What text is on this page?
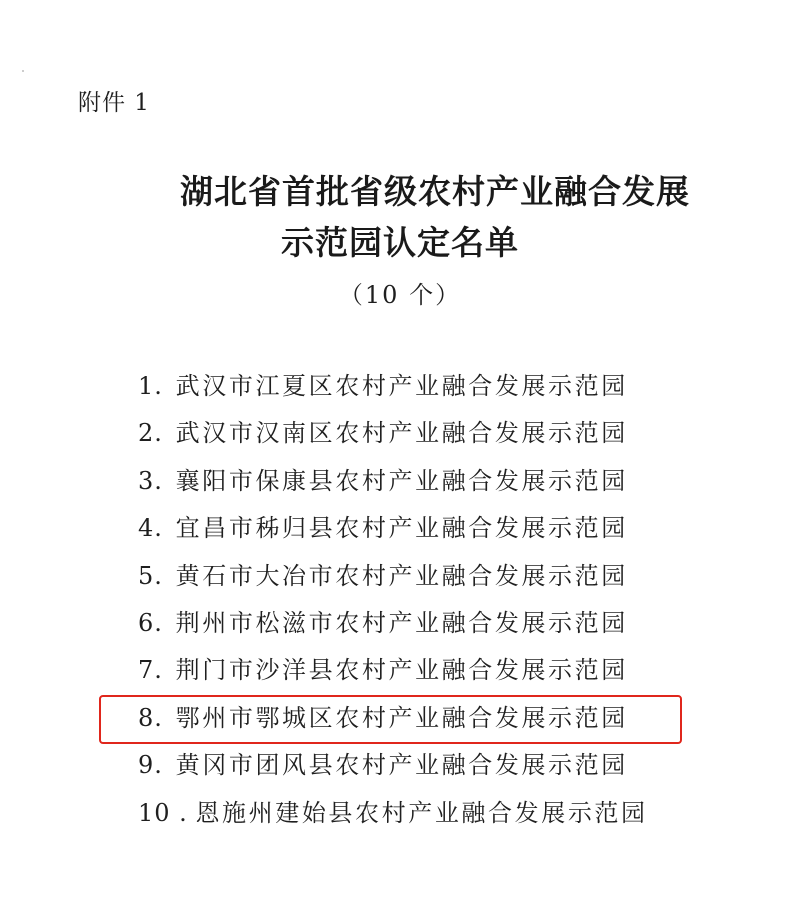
附件 1
湖北省首批省级农村产业融合发展
示范园认定名单
（10 个）
1. 武汉市江夏区农村产业融合发展示范园
2. 武汉市汉南区农村产业融合发展示范园
3. 襄阳市保康县农村产业融合发展示范园
4. 宜昌市秭归县农村产业融合发展示范园
5. 黄石市大冶市农村产业融合发展示范园
6. 荆州市松滋市农村产业融合发展示范园
7. 荆门市沙洋县农村产业融合发展示范园
8. 鄂州市鄂城区农村产业融合发展示范园
9. 黄冈市团风县农村产业融合发展示范园
10 . 恩施州建始县农村产业融合发展示范园
